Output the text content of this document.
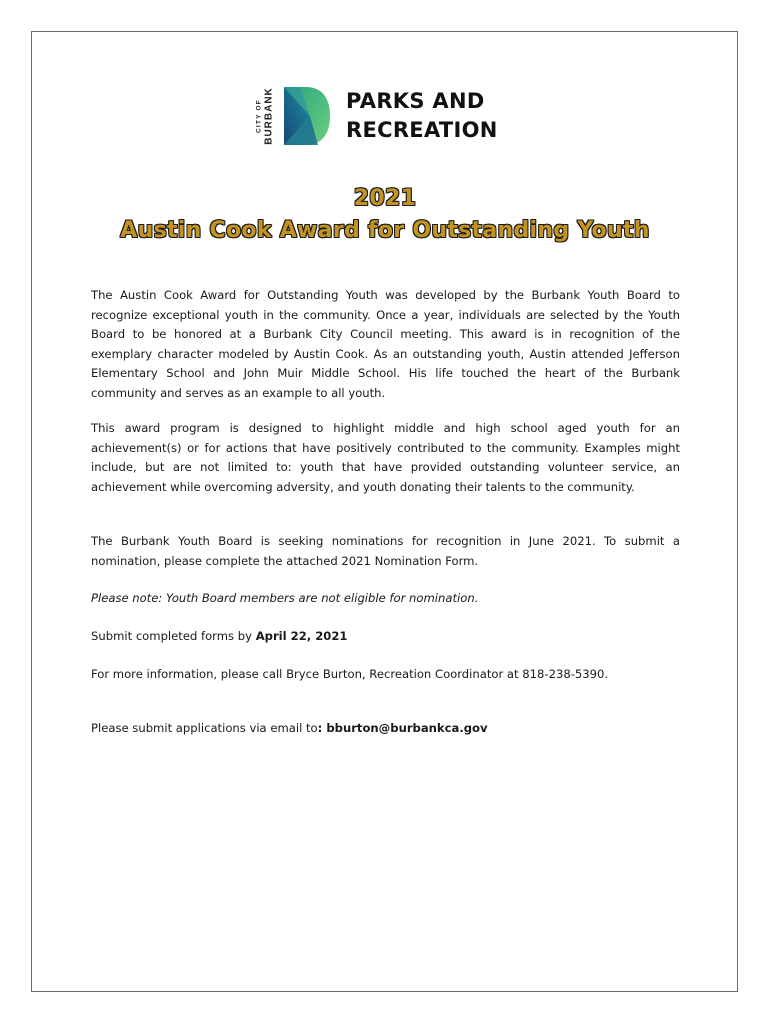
CITY OF BURBANK	PARKS AND
RECREATION
2021
Austin Cook Award for Outstanding Youth
The Austin Cook Award for Outstanding Youth was developed by the Burbank Youth Board to recognize exceptional youth in the community. Once a year, individuals are selected by the Youth Board to be honored at a Burbank City Council meeting. This award is in recognition of the exemplary character modeled by Austin Cook. As an outstanding youth, Austin attended Jefferson Elementary School and John Muir Middle School. His life touched the heart of the Burbank community and serves as an example to all youth.
This award program is designed to highlight middle and high school aged youth for an achievement(s) or for actions that have positively contributed to the community. Examples might include, but are not limited to: youth that have provided outstanding volunteer service, an achievement while overcoming adversity, and youth donating their talents to the community.
The Burbank Youth Board is seeking nominations for recognition in June 2021. To submit a nomination, please complete the attached 2021 Nomination Form.
Please note: Youth Board members are not eligible for nomination.
Submit completed forms by April 22, 2021
For more information, please call Bryce Burton, Recreation Coordinator at 818-238-5390.
Please submit applications via email to: bburton@burbankca.gov
